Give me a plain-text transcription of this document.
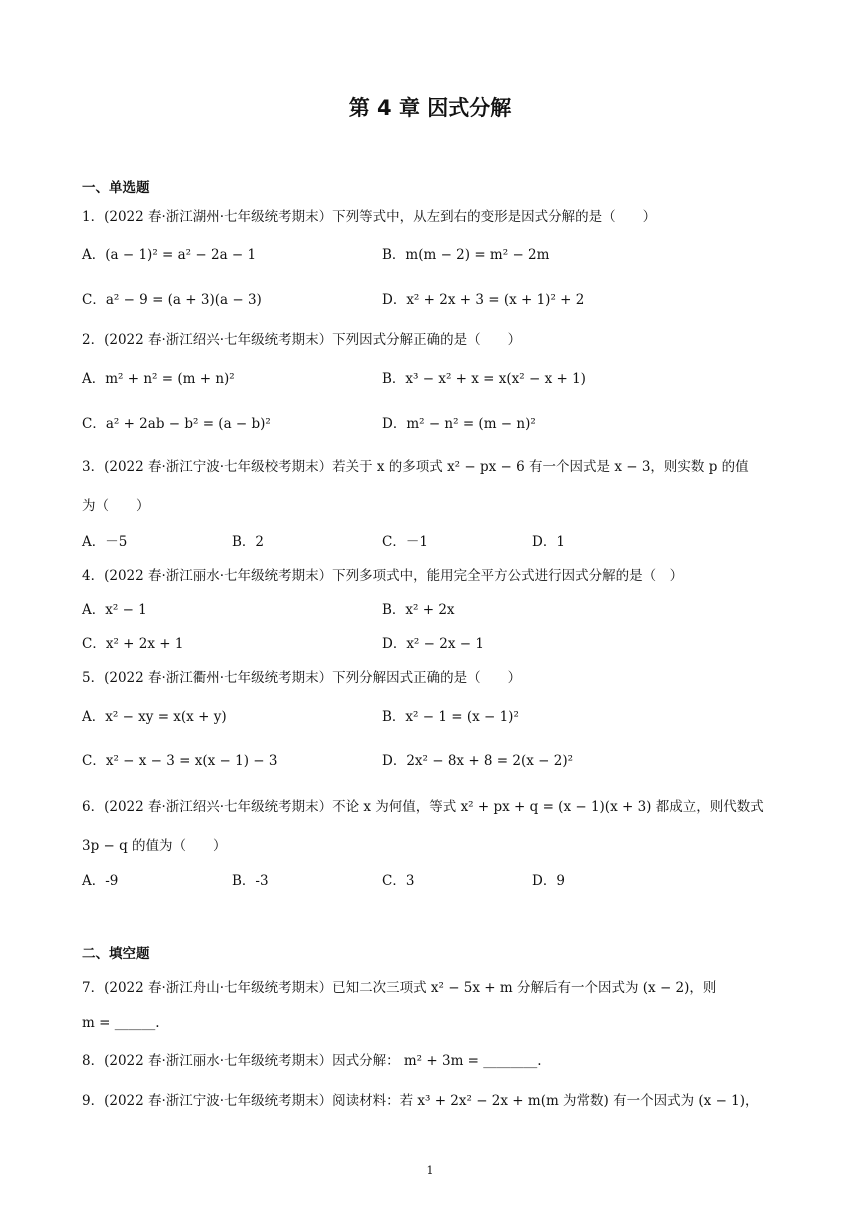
第 4 章 因式分解
一、单选题
1．(2022 春·浙江湖州·七年级统考期末）下列等式中，从左到右的变形是因式分解的是（　　）
A．(a − 1)² = a² − 2a − 1	B．m(m − 2) = m² − 2m
C．a² − 9 = (a + 3)(a − 3)	D．x² + 2x + 3 = (x + 1)² + 2
2．(2022 春·浙江绍兴·七年级统考期末）下列因式分解正确的是（　　）
A．m² + n² = (m + n)²	B．x³ − x² + x = x(x² − x + 1)
C．a² + 2ab − b² = (a − b)²	D．m² − n² = (m − n)²
3．(2022 春·浙江宁波·七年级校考期末）若关于 x 的多项式 x² − px − 6 有一个因式是 x − 3，则实数 p 的值
为（　　）
A．－5	B．2	C．－1	D．1
4．(2022 春·浙江丽水·七年级统考期末）下列多项式中，能用完全平方公式进行因式分解的是（　）
A．x² − 1	B．x² + 2x
C．x² + 2x + 1	D．x² − 2x − 1
5．(2022 春·浙江衢州·七年级统考期末）下列分解因式正确的是（　　）
A．x² − xy = x(x + y)	B．x² − 1 = (x − 1)²
C．x² − x − 3 = x(x − 1) − 3	D．2x² − 8x + 8 = 2(x − 2)²
6．(2022 春·浙江绍兴·七年级统考期末）不论 x 为何值，等式 x² + px + q = (x − 1)(x + 3) 都成立，则代数式
3p − q 的值为（　　）
A．-9	B．-3	C．3	D．9
二、填空题
7．(2022 春·浙江舟山·七年级统考期末）已知二次三项式 x² − 5x + m 分解后有一个因式为 (x − 2)，则
m = ______.
8．(2022 春·浙江丽水·七年级统考期末）因式分解： m² + 3m = ________.
9．(2022 春·浙江宁波·七年级统考期末）阅读材料：若 x³ + 2x² − 2x + m(m 为常数) 有一个因式为 (x − 1)，
1
